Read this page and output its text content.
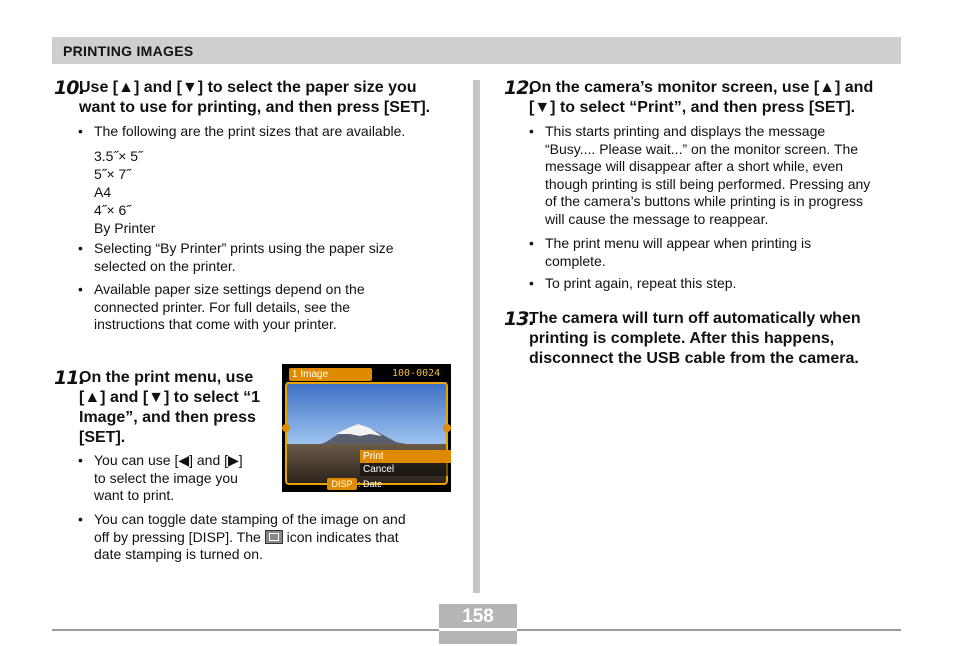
PRINTING IMAGES
10.
Use [▲] and [▼] to select the paper size you
want to use for printing, and then press [SET].
• The following are the print sizes that are available.
3.5˝× 5˝
5˝× 7˝
A4
4˝× 6˝
By Printer
• Selecting “By Printer” prints using the paper size
selected on the printer.
• Available paper size settings depend on the
connected printer. For full details, see the
instructions that come with your printer.
11.
On the print menu, use
[▲] and [▼] to select “1
Image”, and then press
[SET].
• You can use [◀] and [▶]
to select the image you
want to print.
1 Image	100-0024
Print
Cancel
DISP : Date
• You can toggle date stamping of the image on and
off by pressing [DISP]. The icon indicates that
date stamping is turned on.
12.
On the camera’s monitor screen, use [▲] and
[▼] to select “Print”, and then press [SET].
• This starts printing and displays the message
“Busy.... Please wait...” on the monitor screen. The
message will disappear after a short while, even
though printing is still being performed. Pressing any
of the camera’s buttons while printing is in progress
will cause the message to reappear.
• The print menu will appear when printing is
complete.
• To print again, repeat this step.
13.
The camera will turn off automatically when
printing is complete. After this happens,
disconnect the USB cable from the camera.
158
